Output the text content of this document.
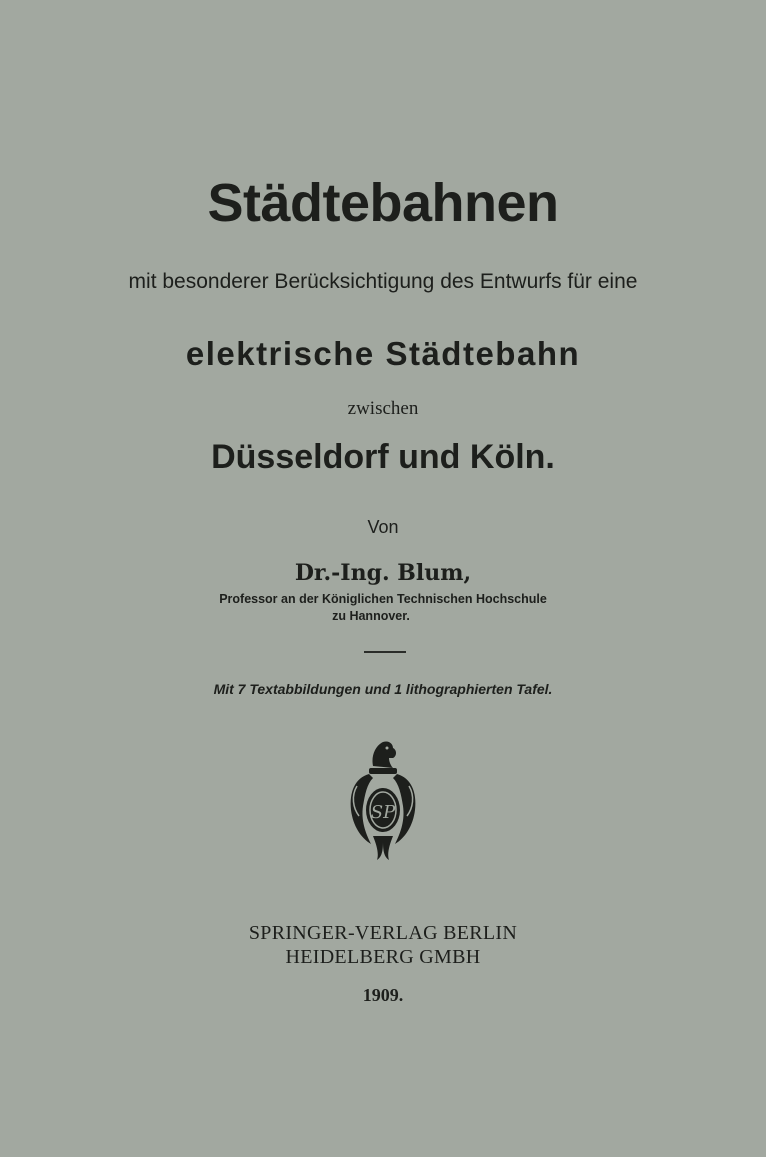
Städtebahnen
mit besonderer Berücksichtigung des Entwurfs für eine
elektrische Städtebahn
zwischen
Düsseldorf und Köln.
Von
Dr.-Ing. Blum,
Professor an der Königlichen Technischen Hochschule
zu Hannover.
Mit 7 Textabbildungen und 1 lithographierten Tafel.
SP
SPRINGER-VERLAG BERLIN
HEIDELBERG GMBH
1909.
